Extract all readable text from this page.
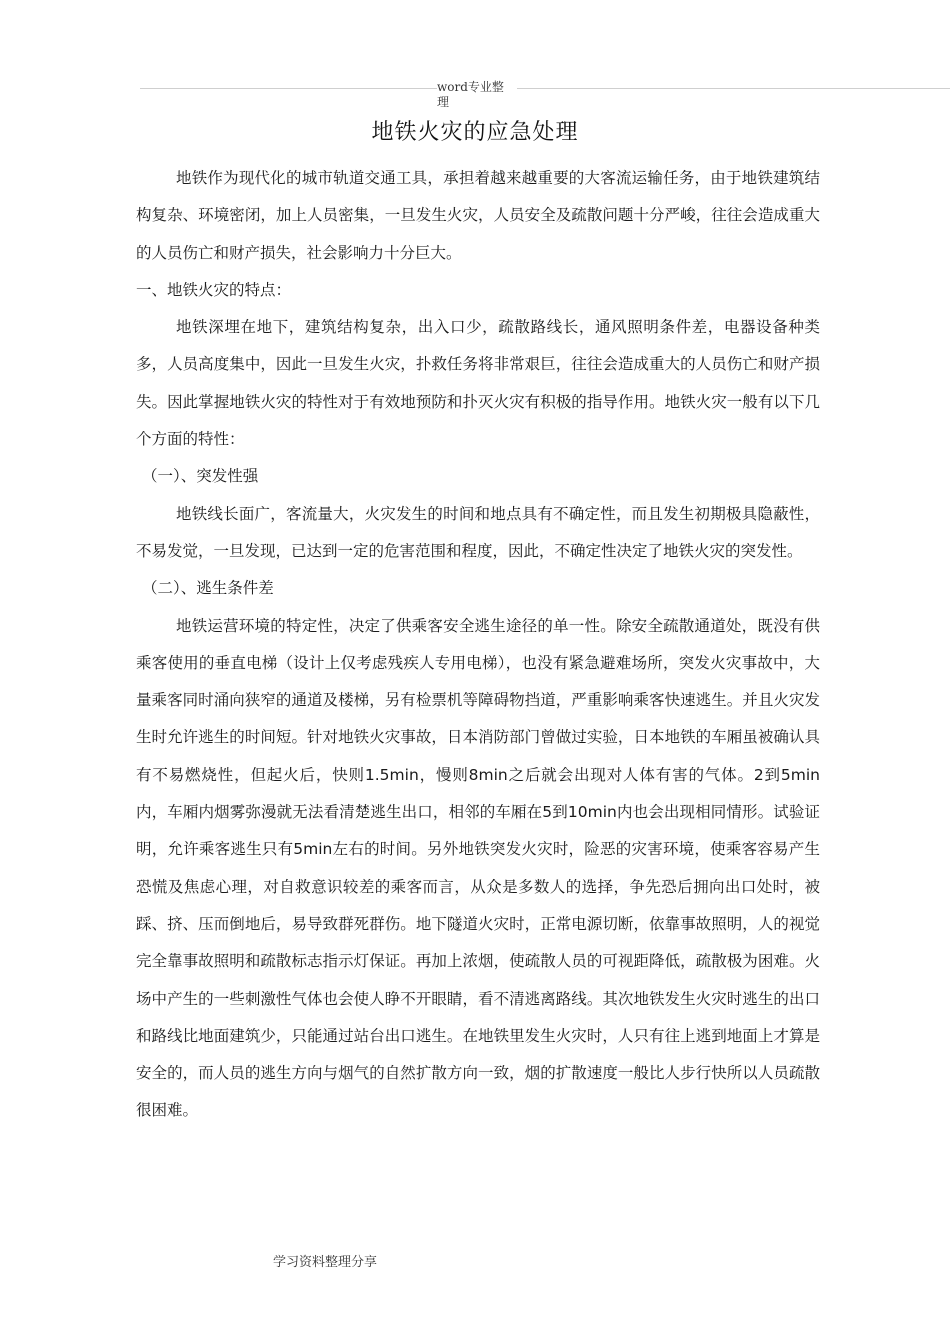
word专业整理
地铁火灾的应急处理

地铁作为现代化的城市轨道交通工具，承担着越来越重要的大客流运输任务，由于地铁建筑结构复杂、环境密闭，加上人员密集，一旦发生火灾，人员安全及疏散问题十分严峻，往往会造成重大的人员伤亡和财产损失，社会影响力十分巨大。

一、地铁火灾的特点：

地铁深埋在地下，建筑结构复杂，出入口少，疏散路线长，通风照明条件差，电器设备种类多，人员高度集中，因此一旦发生火灾，扑救任务将非常艰巨，往往会造成重大的人员伤亡和财产损失。因此掌握地铁火灾的特性对于有效地预防和扑灭火灾有积极的指导作用。地铁火灾一般有以下几个方面的特性：

（一）、突发性强

地铁线长面广，客流量大，火灾发生的时间和地点具有不确定性，而且发生初期极具隐蔽性，不易发觉，一旦发现，已达到一定的危害范围和程度，因此，不确定性决定了地铁火灾的突发性。

（二）、逃生条件差

地铁运营环境的特定性，决定了供乘客安全逃生途径的单一性。除安全疏散通道处，既没有供乘客使用的垂直电梯（设计上仅考虑残疾人专用电梯），也没有紧急避难场所，突发火灾事故中，大量乘客同时涌向狭窄的通道及楼梯，另有检票机等障碍物挡道，严重影响乘客快速逃生。并且火灾发生时允许逃生的时间短。针对地铁火灾事故，日本消防部门曾做过实验，日本地铁的车厢虽被确认具有不易燃烧性，但起火后，快则1.5min，慢则8min之后就会出现对人体有害的气体。2到5min内，车厢内烟雾弥漫就无法看清楚逃生出口，相邻的车厢在5到10min内也会出现相同情形。试验证明，允许乘客逃生只有5min左右的时间。另外地铁突发火灾时，险恶的灾害环境，使乘客容易产生恐慌及焦虑心理，对自救意识较差的乘客而言，从众是多数人的选择，争先恐后拥向出口处时，被踩、挤、压而倒地后，易导致群死群伤。地下隧道火灾时，正常电源切断，依靠事故照明，人的视觉完全靠事故照明和疏散标志指示灯保证。再加上浓烟，使疏散人员的可视距降低，疏散极为困难。火场中产生的一些刺激性气体也会使人睁不开眼睛，看不清逃离路线。其次地铁发生火灾时逃生的出口和路线比地面建筑少，只能通过站台出口逃生。在地铁里发生火灾时，人只有往上逃到地面上才算是安全的，而人员的逃生方向与烟气的自然扩散方向一致，烟的扩散速度一般比人步行快所以人员疏散很困难。

学习资料整理分享
